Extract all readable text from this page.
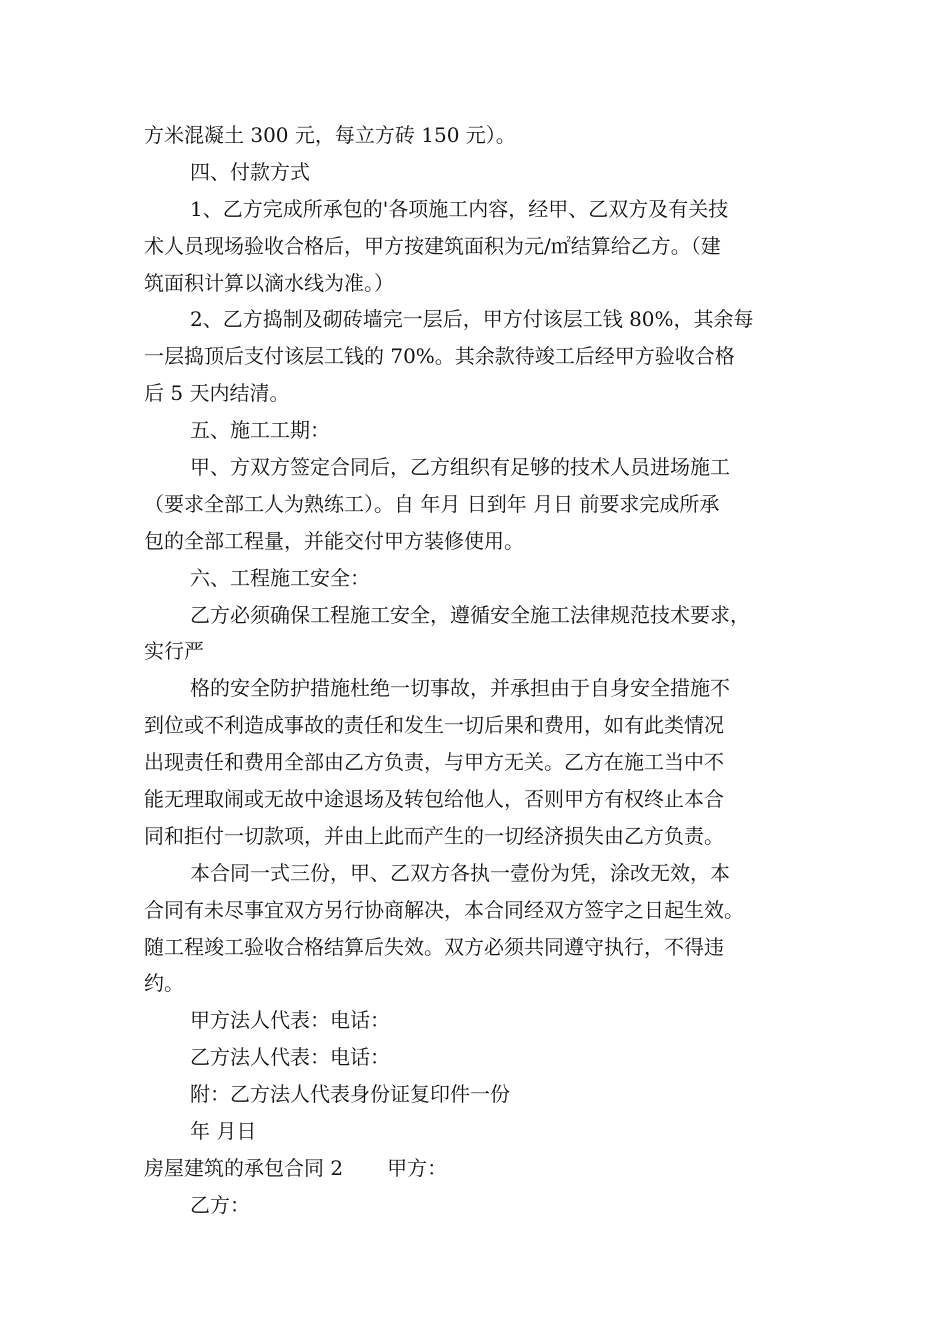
方米混凝土 300 元，每立方砖 150 元）。
四、付款方式
1、乙方完成所承包的'各项施工内容，经甲、乙双方及有关技
术人员现场验收合格后，甲方按建筑面积为元/㎡结算给乙方。（建
筑面积计算以滴水线为准。）
2、乙方捣制及砌砖墙完一层后，甲方付该层工钱 80%，其余每
一层捣顶后支付该层工钱的 70%。其余款待竣工后经甲方验收合格
后 5 天内结清。
五、施工工期：
甲、方双方签定合同后，乙方组织有足够的技术人员进场施工
（要求全部工人为熟练工）。自 年月 日到年 月日 前要求完成所承
包的全部工程量，并能交付甲方装修使用。
六、工程施工安全：
乙方必须确保工程施工安全，遵循安全施工法律规范技术要求，
实行严
格的安全防护措施杜绝一切事故，并承担由于自身安全措施不
到位或不利造成事故的责任和发生一切后果和费用，如有此类情况
出现责任和费用全部由乙方负责，与甲方无关。乙方在施工当中不
能无理取闹或无故中途退场及转包给他人，否则甲方有权终止本合
同和拒付一切款项，并由上此而产生的一切经济损失由乙方负责。
本合同一式三份，甲、乙双方各执一壹份为凭，涂改无效，本
合同有未尽事宜双方另行协商解决，本合同经双方签字之日起生效。
随工程竣工验收合格结算后失效。双方必须共同遵守执行，不得违
约。
甲方法人代表：电话：
乙方法人代表：电话：
附：乙方法人代表身份证复印件一份
年 月日
房屋建筑的承包合同 2 甲方：
乙方：
